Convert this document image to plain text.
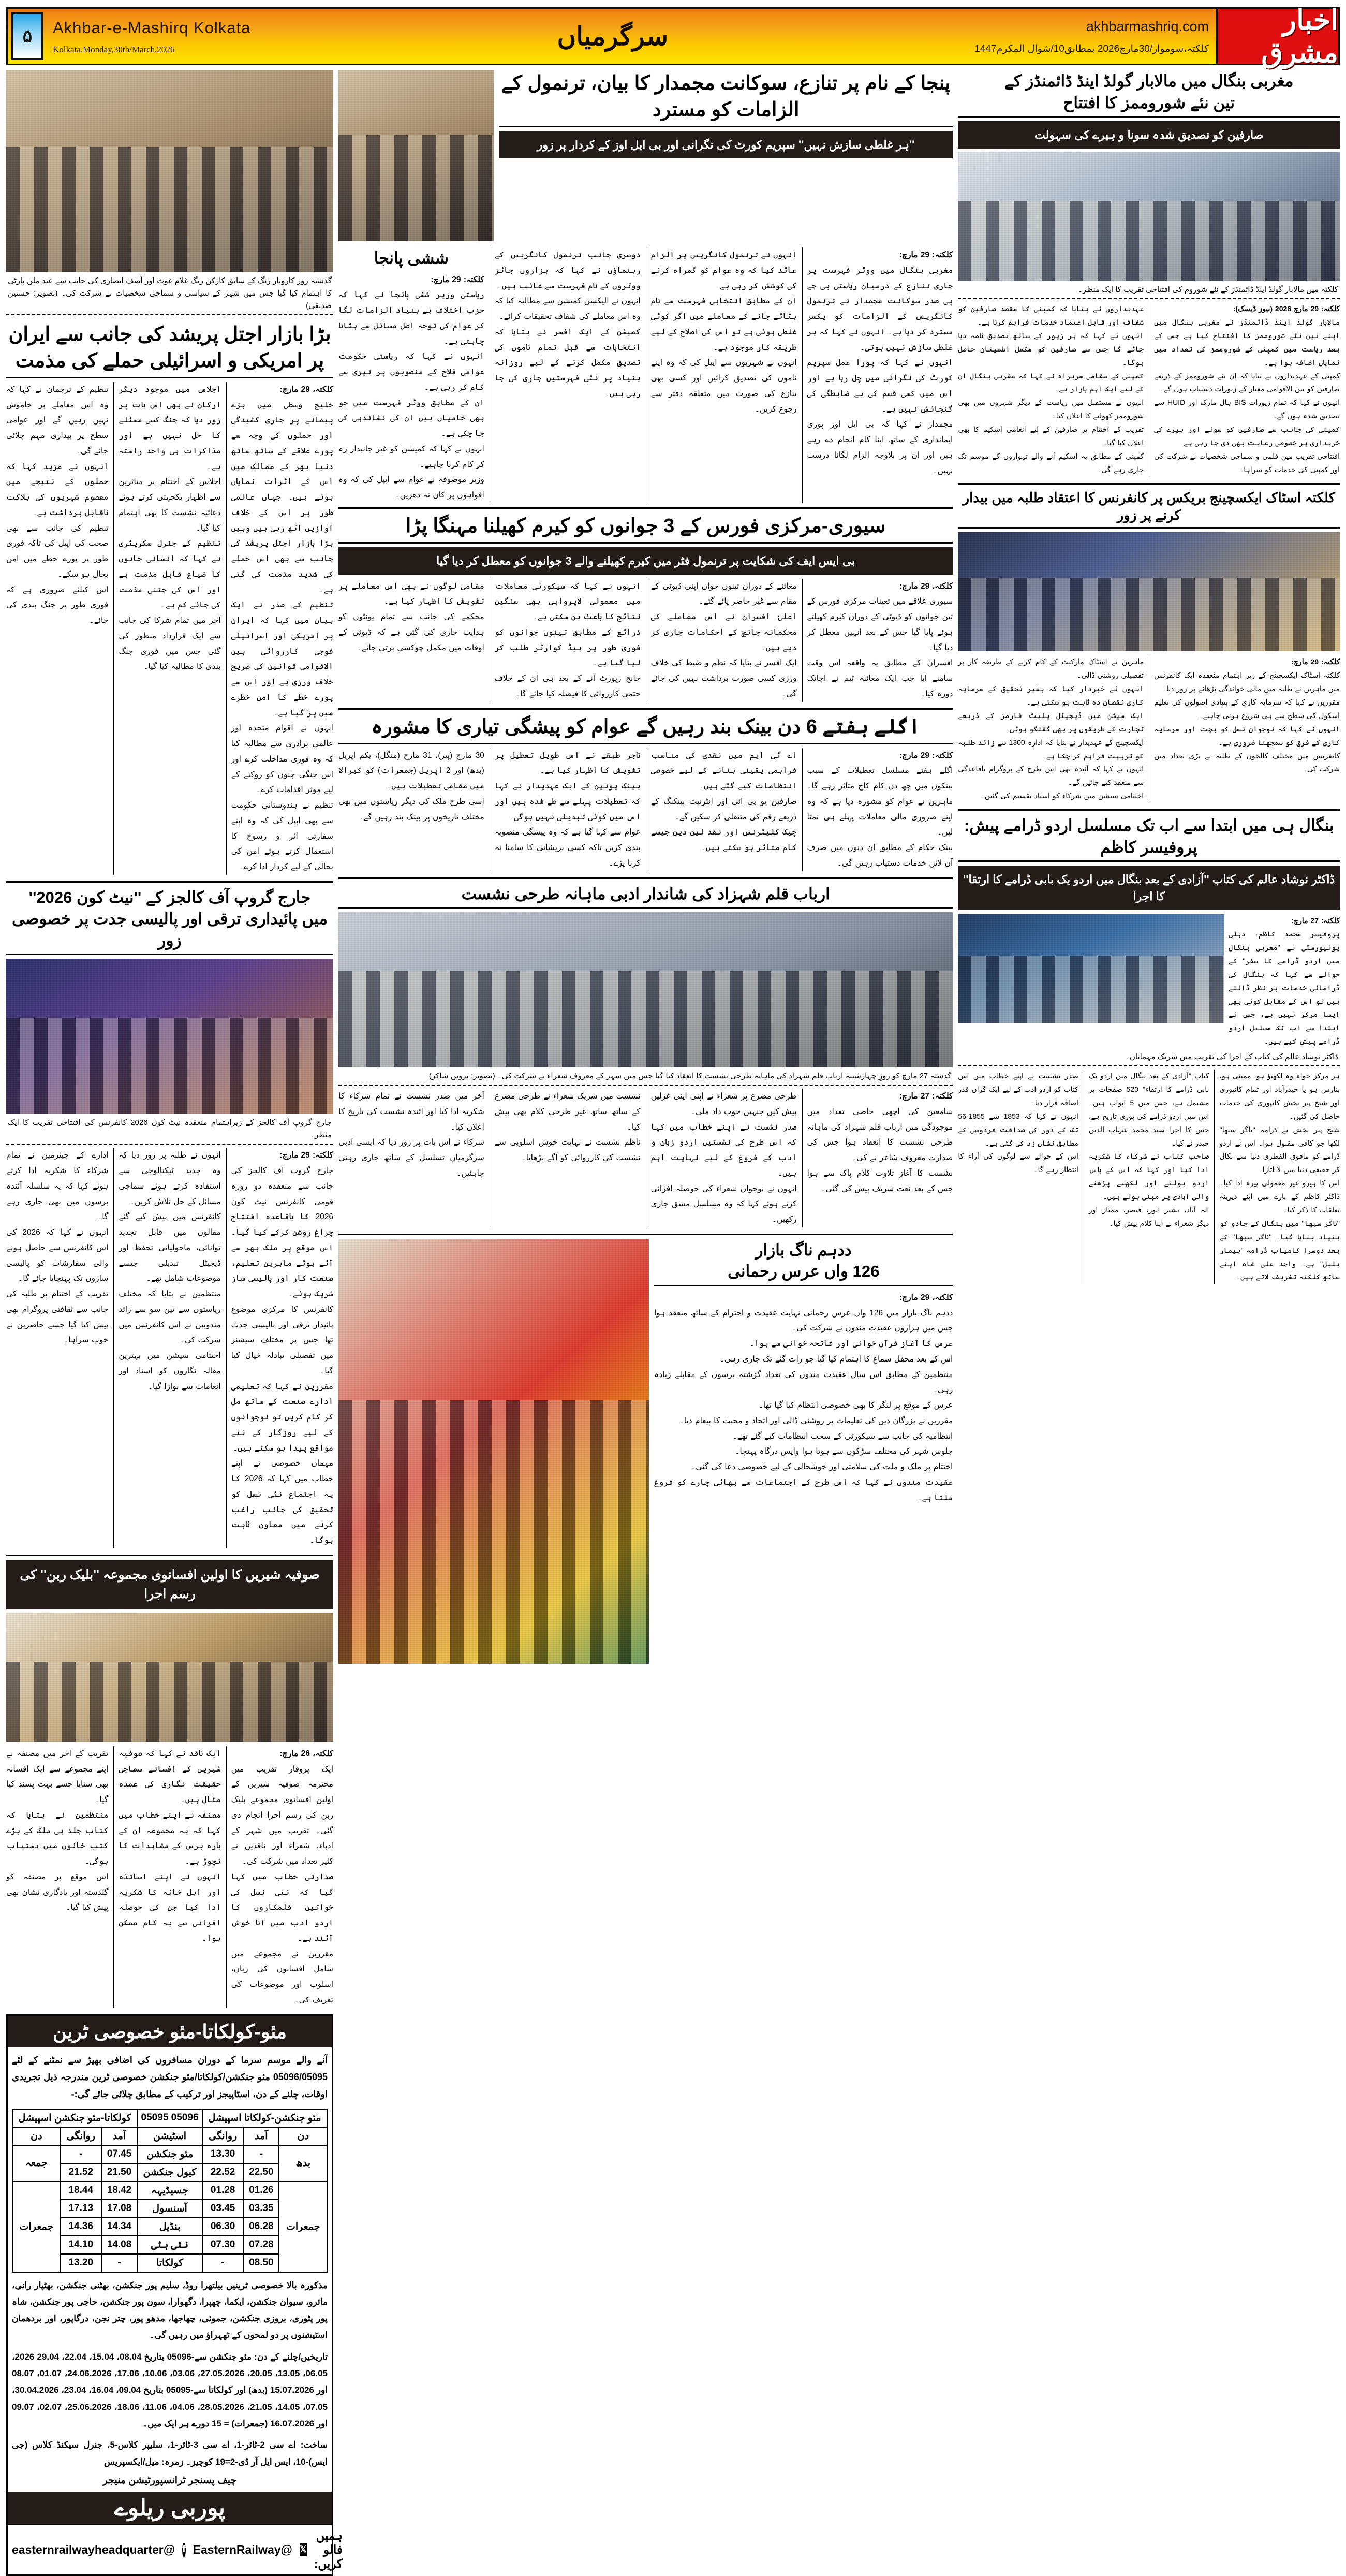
۵	Akhbar-e-Mashirq Kolkata
Kolkata.Monday,30th/March,2026	سرگرمیاں	akhbarmashriq.com
کلکتہ،سوموار/30مارچ2026 بمطابق10/شوال المکرم1447
اخبار مشرق
گذشتہ روز کاروبار رنگ کے سابق کارکن رنگ غلام غوث اور آصف انصاری کی جانب سے عید ملن پارٹی کا اہتمام کیا گیا جس میں شہر کے سیاسی و سماجی شخصیات نے شرکت کی۔ (تصویر: حسنین صدیقی)
بڑا بازار اجتل پریشد کی جانب سے ایران پر امریکی و اسرائیلی حملے کی مذمت

کلکتہ، 29 مارچ:

خلیج وسطی میں بڑے پیمانے پر جاری کشیدگی اور حملوں کی وجہ سے پورے علاقے کے ساتھ ساتھ دنیا بھر کے ممالک میں اس کے اثرات نمایاں ہوئے ہیں۔ جہاں عالمی طور پر اس کے خلاف آوازیں اٹھ رہی ہیں وہیں بڑا بازار اجتل پریشد کی جانب سے بھی اس حملے کی شدید مذمت کی گئی ہے۔

تنظیم کے صدر نے ایک بیان میں کہا کہ ایران پر امریکی اور اسرائیلی فوجی کارروائی بین الاقوامی قوانین کی صریح خلاف ورزی ہے اور اس سے پورے خطے کا امن خطرے میں پڑ گیا ہے۔

انہوں نے اقوام متحدہ اور عالمی برادری سے مطالبہ کیا کہ وہ فوری مداخلت کرے اور اس جنگی جنون کو روکنے کے لیے موثر اقدامات کرے۔

تنظیم نے ہندوستانی حکومت سے بھی اپیل کی کہ وہ اپنے سفارتی اثر و رسوخ کا استعمال کرتے ہوئے امن کی بحالی کے لیے کردار ادا کرے۔

اجلاس میں موجود دیگر ارکان نے بھی اس بات پر زور دیا کہ جنگ کسی مسئلے کا حل نہیں ہے اور مذاکرات ہی واحد راستہ ہے۔

اجلاس کے اختتام پر متاثرین سے اظہار یکجہتی کرتے ہوئے دعائیہ نشست کا بھی اہتمام کیا گیا۔

تنظیم کے جنرل سکریٹری نے کہا کہ انسانی جانوں کا ضیاع قابل مذمت ہے اور اس کی جتنی مذمت کی جائے کم ہے۔

آخر میں تمام شرکا کی جانب سے ایک قرارداد منظور کی گئی جس میں فوری جنگ بندی کا مطالبہ کیا گیا۔

تنظیم کے ترجمان نے کہا کہ وہ اس معاملے پر خاموش نہیں رہیں گے اور عوامی سطح پر بیداری مہم چلائی جائے گی۔

انہوں نے مزید کہا کہ حملوں کے نتیجے میں معصوم شہریوں کی ہلاکت ناقابل برداشت ہے۔

تنظیم کی جانب سے بھی صحت کی اپیل کی تاکہ فوری طور پر پورے خطے میں امن بحال ہو سکے۔

اس کیلئے ضروری ہے کہ فوری طور پر جنگ بندی کی جائے۔

جارج گروپ آف کالجز کے ''نیٹ کون 2026''
میں پائیداری ترقی اور پالیسی جدت پر خصوصی زور
جارج گروپ آف کالجز کے زیراہتمام منعقدہ نیٹ کون 2026 کانفرنس کی افتتاحی تقریب کا ایک منظر۔

کلکتہ: 29 مارچ:

جارج گروپ آف کالجز کی جانب سے منعقدہ دو روزہ قومی کانفرنس نیٹ کون 2026 کا باقاعدہ افتتاح چراغ روشن کرکے کیا گیا۔ اس موقع پر ملک بھر سے آئے ہوئے ماہرین تعلیم، صنعت کار اور پالیسی ساز شریک ہوئے۔

کانفرنس کا مرکزی موضوع پائیدار ترقی اور پالیسی جدت تھا جس پر مختلف سیشنز میں تفصیلی تبادلہ خیال کیا گیا۔

مقررین نے کہا کہ تعلیمی ادارے صنعت کے ساتھ مل کر کام کریں تو نوجوانوں کے لیے روزگار کے نئے مواقع پیدا ہو سکتے ہیں۔

مہمان خصوصی نے اپنے خطاب میں کہا کہ 2026 کا یہ اجتماع نئی نسل کو تحقیق کی جانب راغب کرنے میں معاون ثابت ہوگا۔

انہوں نے طلبہ پر زور دیا کہ وہ جدید ٹیکنالوجی سے استفادہ کرتے ہوئے سماجی مسائل کے حل تلاش کریں۔

کانفرنس میں پیش کیے گئے مقالوں میں قابل تجدید توانائی، ماحولیاتی تحفظ اور ڈیجیٹل تبدیلی جیسے موضوعات شامل تھے۔

منتظمین نے بتایا کہ مختلف ریاستوں سے تین سو سے زائد مندوبین نے اس کانفرنس میں شرکت کی۔

اختتامی سیشن میں بہترین مقالہ نگاروں کو اسناد اور انعامات سے نوازا گیا۔

ادارے کے چیئرمین نے تمام شرکاء کا شکریہ ادا کرتے ہوئے کہا کہ یہ سلسلہ آئندہ برسوں میں بھی جاری رہے گا۔

انہوں نے کہا کہ 2026 کی اس کانفرنس سے حاصل ہونے والی سفارشات کو پالیسی سازوں تک پہنچایا جائے گا۔

تقریب کے اختتام پر طلبہ کی جانب سے ثقافتی پروگرام بھی پیش کیا گیا جسے حاضرین نے خوب سراہا۔

صوفیہ شیریں کا اولین افسانوی مجموعہ ''بلیک ربن'' کی رسم اجرا

کلکتہ، 26 مارچ:

ایک پروقار تقریب میں محترمہ صوفیہ شیریں کے اولین افسانوی مجموعے بلیک ربن کی رسم اجرا انجام دی گئی۔ تقریب میں شہر کے ادباء، شعراء اور ناقدین نے کثیر تعداد میں شرکت کی۔

صدارتی خطاب میں کہا گیا کہ نئی نسل کی خواتین قلمکاروں کا اردو ادب میں آنا خوش آئند ہے۔

مقررین نے مجموعے میں شامل افسانوں کی زبان، اسلوب اور موضوعات کی تعریف کی۔

ایک ناقد نے کہا کہ صوفیہ شیریں کے افسانے سماجی حقیقت نگاری کی عمدہ مثال ہیں۔

مصنفہ نے اپنے خطاب میں کہا کہ یہ مجموعہ ان کے بارہ برس کے مشاہدات کا نچوڑ ہے۔

انہوں نے اپنے اساتذہ اور اہل خانہ کا شکریہ ادا کیا جن کی حوصلہ افزائی سے یہ کام ممکن ہوا۔

تقریب کے آخر میں مصنفہ نے اپنے مجموعے سے ایک افسانہ بھی سنایا جسے بہت پسند کیا گیا۔

منتظمین نے بتایا کہ کتاب جلد ہی ملک کے بڑے کتب خانوں میں دستیاب ہوگی۔

اس موقع پر مصنفہ کو گلدستہ اور یادگاری نشان بھی پیش کیا گیا۔

مئو-کولکاتا-مئو خصوصی ٹرین
آنے والے موسم سرما کے دوران مسافروں کی اضافی بھیڑ سے نمٹنے کے لئے 05096/05095 مئو جنکشن/کولکاتا/مئو جنکشن خصوصی ٹرین مندرجہ ذیل تجریدی اوقات، چلنے کے دن، اسٹاپیجز اور ترکیب کے مطابق چلائی جائے گی:-
مئو جنکشن-کولکاتا اسپیشل			05096 05095	کولکاتا-مئو جنکشن اسپیشل		
دن	آمد	روانگی	اسٹیشن	آمد	روانگی	دن
بدھ	-	13.30	مئو جنکشن	07.45	-	جمعہ
	22.50	22.52	کیول جنکشن	21.50	21.52	
جمعرات	01.26	01.28	جسیڈیہہ	18.42	18.44	جمعرات
	03.35	03.45	آسنسول	17.08	17.13	
	06.28	06.30	بنڈیل	14.34	14.36	
	07.28	07.30	نئی ہٹی	14.08	14.10	
	08.50	-	کولکاتا	-	13.20	
مذکورہ بالا خصوصی ٹرینیں بیلتھرا روڈ، سلیم پور جنکشن، بھٹنی جنکشن، بھٹپار رانی، مائرو، سیوان جنکشن، ایکما، چھپرا، دگھوارا، سون پور جنکشن، حاجی پور جنکشن، شاہ پور پٹوری، بروزی جنکشن، جموئی، چھاجھا، مدھو پور، چتر نجن، درگاپور، اور بردھمان اسٹیشنوں پر دو لمحوں کے ٹھہراؤ میں رہیں گی۔
تاریخیں/چلنے کے دن: مئو جنکشن سے-05096 بتاریخ 08.04، 15.04، 22.04، 29.04 2026، 06.05، 13.05، 20.05، 27.05.2026، 03.06، 10.06، 17.06، 24.06.2026، 01.07، 08.07 اور 15.07.2026 (بدھ) اور کولکاتا سے-05095 بتاریخ 09.04، 16.04، 23.04، 30.04.2026، 07.05، 14.05، 21.05، 28.05.2026، 04.06، 11.06، 18.06، 25.06.2026، 02.07، 09.07 اور 16.07.2026 (جمعرات) = 15 دورے ہر ایک میں۔
ساخت: اے سی 2-ٹائر-1، اے سی 3-ٹائر-1، سلیپر کلاس-5، جنرل سیکنڈ کلاس (جی ایس)-10، ایس ایل آر ڈی-2=19 کوچیز۔ زمرہ: میل/ایکسپریس
چیف پسنجر ٹرانسپورٹیشن منیجر
پوربی ریلوے
ہمیں فالو کریں:
𝕏
@EasternRailway
f
@easternrailwayheadquarter
پنجا کے نام پر تنازع، سوکانت مجمدار کا بیان، ترنمول کے الزامات کو مسترد
''ہر غلطی سازش نہیں'' سپریم کورٹ کی نگرانی اور بی ایل اوز کے کردار پر زور

کلکتہ: 29 مارچ:

مغربی بنگال میں ووٹر فہرست پر جاری تنازع کے درمیان ریاستی بی جے پی صدر سوکانت مجمدار نے ترنمول کانگریس کے الزامات کو یکسر مسترد کر دیا ہے۔ انہوں نے کہا کہ ہر غلطی سازش نہیں ہوتی۔

انہوں نے کہا کہ پورا عمل سپریم کورٹ کی نگرانی میں چل رہا ہے اور اس میں کسی قسم کی بے ضابطگی کی گنجائش نہیں ہے۔

مجمدار نے کہا کہ بی ایل اوز پوری ایمانداری کے ساتھ اپنا کام انجام دے رہے ہیں اور ان پر بلاوجہ الزام لگانا درست نہیں۔

انہوں نے ترنمول کانگریس پر الزام عائد کیا کہ وہ عوام کو گمراہ کرنے کی کوشش کر رہی ہے۔

ان کے مطابق انتخابی فہرست سے نام ہٹائے جانے کے معاملے میں اگر کوئی غلطی ہوئی ہے تو اس کی اصلاح کے لیے طریقہ کار موجود ہے۔

انہوں نے شہریوں سے اپیل کی کہ وہ اپنے ناموں کی تصدیق کرائیں اور کسی بھی تنازع کی صورت میں متعلقہ دفتر سے رجوع کریں۔

دوسری جانب ترنمول کانگریس کے رہنماؤں نے کہا کہ ہزاروں جائز ووٹروں کے نام فہرست سے غائب ہیں۔

انہوں نے الیکشن کمیشن سے مطالبہ کیا کہ وہ اس معاملے کی شفاف تحقیقات کرائے۔

کمیشن کے ایک افسر نے بتایا کہ انتخابات سے قبل تمام ناموں کی تصدیق مکمل کرنے کے لیے روزانہ بنیاد پر نئی فہرستیں جاری کی جا رہی ہیں۔

ششی پانجا

کلکتہ: 29 مارچ:

ریاستی وزیر ششی پانجا نے کہا کہ حزب اختلاف بے بنیاد الزامات لگا کر عوام کی توجہ اصل مسائل سے ہٹانا چاہتی ہے۔

انہوں نے کہا کہ ریاستی حکومت عوامی فلاح کے منصوبوں پر تیزی سے کام کر رہی ہے۔

ان کے مطابق ووٹر فہرست میں جو بھی خامیاں ہیں ان کی نشاندہی کی جا چکی ہے۔

انہوں نے کہا کہ کمیشن کو غیر جانبدار رہ کر کام کرنا چاہیے۔

وزیر موصوفہ نے عوام سے اپیل کی کہ وہ افواہوں پر کان نہ دھریں۔

سیوری-مرکزی فورس کے 3 جوانوں کو کیرم کھیلنا مہنگا پڑا
بی ایس ایف کی شکایت پر ترنمول فٹر میں کیرم کھیلنے والے 3 جوانوں کو معطل کر دیا گیا

کلکتہ، 29 مارچ:

سیوری علاقے میں تعینات مرکزی فورس کے تین جوانوں کو ڈیوٹی کے دوران کیرم کھیلتے ہوئے پایا گیا جس کے بعد انہیں معطل کر دیا گیا۔

افسران کے مطابق یہ واقعہ اس وقت سامنے آیا جب ایک معائنہ ٹیم نے اچانک دورہ کیا۔

معائنے کے دوران تینوں جوان اپنی ڈیوٹی کے مقام سے غیر حاضر پائے گئے۔

اعلیٰ افسران نے اس معاملے کی محکمانہ جانچ کے احکامات جاری کر دیے ہیں۔

ایک افسر نے بتایا کہ نظم و ضبط کی خلاف ورزی کسی صورت برداشت نہیں کی جائے گی۔

انہوں نے کہا کہ سیکورٹی معاملات میں معمولی لاپرواہی بھی سنگین نتائج کا باعث بن سکتی ہے۔

ذرائع کے مطابق تینوں جوانوں کو فوری طور پر ہیڈ کوارٹر طلب کر لیا گیا ہے۔

جانچ رپورٹ آنے کے بعد ہی ان کے خلاف حتمی کارروائی کا فیصلہ کیا جائے گا۔

مقامی لوگوں نے بھی اس معاملے پر تشویش کا اظہار کیا ہے۔

محکمے کی جانب سے تمام یونٹوں کو ہدایت جاری کی گئی ہے کہ ڈیوٹی کے اوقات میں مکمل چوکسی برتی جائے۔

اگلے ہفتے 6 دن بینک بند رہیں گے عوام کو پیشگی تیاری کا مشورہ

کلکتہ: 29 مارچ:

اگلے ہفتے مسلسل تعطیلات کے سبب بینکوں میں چھ دن کام کاج متاثر رہے گا۔ ماہرین نے عوام کو مشورہ دیا ہے کہ وہ اپنے ضروری مالی معاملات پہلے ہی نمٹا لیں۔

بینک حکام کے مطابق ان دنوں میں صرف آن لائن خدمات دستیاب رہیں گی۔

اے ٹی ایم میں نقدی کی مناسب فراہمی یقینی بنانے کے لیے خصوصی انتظامات کیے گئے ہیں۔

صارفین یو پی آئی اور انٹرنیٹ بینکنگ کے ذریعے رقم کی منتقلی کر سکیں گے۔

چیک کلیئرنس اور نقد لین دین جیسے کام متاثر ہو سکتے ہیں۔

تاجر طبقے نے اس طویل تعطیل پر تشویش کا اظہار کیا ہے۔

بینک یونین کے ایک عہدیدار نے کہا کہ تعطیلات پہلے سے طے شدہ ہیں اور اس میں کوئی تبدیلی نہیں ہوگی۔

عوام سے کہا گیا ہے کہ وہ پیشگی منصوبہ بندی کریں تاکہ کسی پریشانی کا سامنا نہ کرنا پڑے۔

30 مارچ (پیر)، 31 مارچ (منگل)، یکم اپریل (بدھ) اور 2 اپریل (جمعرات) کو کیرالا میں مقامی تعطیلات ہیں۔

اسی طرح ملک کی دیگر ریاستوں میں بھی مختلف تاریخوں پر بینک بند رہیں گے۔

ارباب قلم شہزاد کی شاندار ادبی ماہانہ طرحی نشست
گذشتہ 27 مارچ کو روزِ چہارشنبہ ارباب قلم شہزاد کی ماہانہ طرحی نشست کا انعقاد کیا گیا جس میں شہر کے معروف شعراء نے شرکت کی۔ (تصویر: پرویں شاکر)

کلکتہ: 27 مارچ:

سامعین کی اچھی خاصی تعداد میں موجودگی میں ارباب قلم شہزاد کی ماہانہ طرحی نشست کا انعقاد ہوا جس کی صدارت معروف شاعر نے کی۔

نشست کا آغاز تلاوت کلام پاک سے ہوا جس کے بعد نعت شریف پیش کی گئی۔

طرحی مصرع پر شعراء نے اپنی اپنی غزلیں پیش کیں جنہیں خوب داد ملی۔

صدر نشست نے اپنے خطاب میں کہا کہ اس طرح کی نشستیں اردو زبان و ادب کے فروغ کے لیے نہایت اہم ہیں۔

انہوں نے نوجوان شعراء کی حوصلہ افزائی کرتے ہوئے کہا کہ وہ مسلسل مشق جاری رکھیں۔

نشست میں شریک شعراء نے طرحی مصرع کے ساتھ ساتھ غیر طرحی کلام بھی پیش کیا۔

ناظم نشست نے نہایت خوش اسلوبی سے نشست کی کارروائی کو آگے بڑھایا۔

آخر میں صدر نشست نے تمام شرکاء کا شکریہ ادا کیا اور آئندہ نشست کی تاریخ کا اعلان کیا۔

شرکاء نے اس بات پر زور دیا کہ ایسی ادبی سرگرمیاں تسلسل کے ساتھ جاری رہنی چاہئیں۔

ددہم ناگ بازار
126 واں عرس رحمانی

کلکتہ، 29 مارچ:

ددہم ناگ بازار میں 126 واں عرس رحمانی نہایت عقیدت و احترام کے ساتھ منعقد ہوا جس میں ہزاروں عقیدت مندوں نے شرکت کی۔

عرس کا آغاز قرآن خوانی اور فاتحہ خوانی سے ہوا۔

اس کے بعد محفل سماع کا اہتمام کیا گیا جو رات گئے تک جاری رہی۔

منتظمین کے مطابق اس سال عقیدت مندوں کی تعداد گزشتہ برسوں کے مقابلے زیادہ رہی۔

عرس کے موقع پر لنگر کا بھی خصوصی انتظام کیا گیا تھا۔

مقررین نے بزرگان دین کی تعلیمات پر روشنی ڈالی اور اتحاد و محبت کا پیغام دیا۔

انتظامیہ کی جانب سے سیکورٹی کے سخت انتظامات کیے گئے تھے۔

جلوس شہر کی مختلف سڑکوں سے ہوتا ہوا واپس درگاہ پہنچا۔

اختتام پر ملک و ملت کی سلامتی اور خوشحالی کے لیے خصوصی دعا کی گئی۔

عقیدت مندوں نے کہا کہ اس طرح کے اجتماعات سے بھائی چارے کو فروغ ملتا ہے۔

مغربی بنگال میں مالابار گولڈ اینڈ ڈائمنڈز کے
تین نئے شوروممز کا افتتاح
صارفین کو تصدیق شدہ سونا و ہیرے کی سہولت
کلکتہ میں مالابار گولڈ اینڈ ڈائمنڈز کے نئے شوروم کی افتتاحی تقریب کا ایک منظر۔

کلکتہ: 29 مارچ 2026 (نیوز ڈیسک):

مالابار گولڈ اینڈ ڈائمنڈز نے مغربی بنگال میں اپنے تین نئے شوروممز کا افتتاح کیا ہے جس کے بعد ریاست میں کمپنی کے شوروممز کی تعداد میں نمایاں اضافہ ہوا ہے۔

کمپنی کے عہدیداروں نے بتایا کہ ان نئے شوروممز کے ذریعے صارفین کو بین الاقوامی معیار کے زیورات دستیاب ہوں گے۔

انہوں نے کہا کہ تمام زیورات BIS ہال مارک اور HUID سے تصدیق شدہ ہوں گے۔

کمپنی کی جانب سے صارفین کو سونے اور ہیرے کی خریداری پر خصوصی رعایت بھی دی جا رہی ہے۔

افتتاحی تقریب میں فلمی و سماجی شخصیات نے شرکت کی اور کمپنی کی خدمات کو سراہا۔

عہدیداروں نے بتایا کہ کمپنی کا مقصد صارفین کو شفاف اور قابل اعتماد خدمات فراہم کرنا ہے۔

انہوں نے کہا کہ ہر زیور کے ساتھ تصدیق نامہ دیا جائے گا جس سے صارفین کو مکمل اطمینان حاصل ہوگا۔

کمپنی کے مقامی سربراہ نے کہا کہ مغربی بنگال ان کے لیے ایک اہم بازار ہے۔

انہوں نے مستقبل میں ریاست کے دیگر شہروں میں بھی شوروممز کھولنے کا اعلان کیا۔

تقریب کے اختتام پر صارفین کے لیے انعامی اسکیم کا بھی اعلان کیا گیا۔

کمپنی کے مطابق یہ اسکیم آنے والے تہواروں کے موسم تک جاری رہے گی۔

کلکتہ اسٹاک ایکسچینج بریکس پر کانفرنس کا اعتقاد طلبہ میں بیدار کرنے پر زور

کلکتہ: 29 مارچ:

کلکتہ اسٹاک ایکسچینج کے زیر اہتمام منعقدہ ایک کانفرنس میں ماہرین نے طلبہ میں مالی خواندگی بڑھانے پر زور دیا۔

مقررین نے کہا کہ سرمایہ کاری کے بنیادی اصولوں کی تعلیم اسکول کی سطح سے ہی شروع ہونی چاہیے۔

انہوں نے کہا کہ نوجوان نسل کو بچت اور سرمایہ کاری کے فرق کو سمجھنا ضروری ہے۔

کانفرنس میں مختلف کالجوں کے طلبہ نے بڑی تعداد میں شرکت کی۔

ماہرین نے اسٹاک مارکیٹ کے کام کرنے کے طریقہ کار پر تفصیلی روشنی ڈالی۔

انہوں نے خبردار کیا کہ بغیر تحقیق کے سرمایہ کاری نقصان دہ ثابت ہو سکتی ہے۔

ایک سیشن میں ڈیجیٹل پلیٹ فارمز کے ذریعے تجارت کے طریقوں پر بھی گفتگو ہوئی۔

ایکسچینج کے عہدیدار نے بتایا کہ ادارہ 1300 سے زائد طلبہ کو تربیت فراہم کر چکا ہے۔

انہوں نے کہا کہ آئندہ بھی اس طرح کے پروگرام باقاعدگی سے منعقد کیے جائیں گے۔

اختتامی سیشن میں شرکاء کو اسناد تقسیم کی گئیں۔

بنگال ہی میں ابتدا سے اب تک مسلسل اردو ڈرامے پیش: پروفیسر کاظم
ڈاکٹر نوشاد عالم کی کتاب ''آزادی کے بعد بنگال میں اردو یک بابی ڈرامے کا ارتقا'' کا اجرا

کلکتہ: 27 مارچ:

پروفیسر محمد کاظم، دہلی یونیورسٹی نے ''مغربی بنگال میں اردو ڈرامے کا سفر'' کے حوالے سے کہا کہ بنگال کی ڈرامائی خدمات پر نظر ڈالتے ہیں تو اس کے مقابل کوئی بھی ایسا مرکز نہیں ہے، جس نے ابتدا سے اب تک مسلسل اردو ڈرامے پیش کیے ہیں۔

ڈاکٹر نوشاد عالم کی کتاب کے اجرا کی تقریب میں شریک مہمانان۔

ہر مرکز خواہ وہ لکھنؤ ہو، ممبئی ہو، بنارس ہو یا حیدرآباد اور تمام کانپوری اور شیخ پیر بخش کانپوری کی خدمات حاصل کی گئیں۔

شیخ پیر بخش نے ڈرامہ ''ناگر سبھا'' لکھا جو کافی مقبول ہوا۔ اس نے اردو ڈرامے کو مافوق الفطری دنیا سے نکال کر حقیقی دنیا میں لا اتارا۔

اس کا ہیرو غیر معمولی پیرہ ادا کیا۔ ڈاکٹر کاظم کے بارے میں اپنے دیرینہ تعلقات کا ذکر کیا۔

''ناگر سبھا'' میں بنگال کے جادو کو بنیاد بنایا گیا۔ ''ناگر سبھا'' کے بعد دوسرا کامیاب ڈرامہ ''بیمار بلبل'' ہے۔ واجد علی شاہ اپنے ساتھ کلکتہ تشریف لاتے ہیں۔

کتاب ''آزادی کے بعد بنگال میں اردو یک بابی ڈرامے کا ارتقاء'' 520 صفحات پر مشتمل ہے، جس میں 5 ابواب ہیں۔ اس میں اردو ڈرامے کی پوری تاریخ ہے، جس کا اجرا سید محمد شہاب الدین حیدر نے کیا۔

صاحب کتاب نے شرکاء کا شکریہ ادا کیا اور کہا کہ اس کے پاس اردو بولنے اور لکھنے پڑھنے والی آبادی پر مبنی ہوتے ہیں۔

الہ آباد، بشیر انور، قیصر، ممتاز اور دیگر شعراء نے اپنا کلام پیش کیا۔

صدر نشست نے اپنے خطاب میں اس کتاب کو اردو ادب کے لیے ایک گراں قدر اضافہ قرار دیا۔

انہوں نے کہا کہ 1853 سے 1855-56 تک کے دور کی صداقت فردوسی کے مطابق نشان زد کی گئی ہے۔

اس کے حوالے سے لوگوں کی آراء کا انتظار رہے گا۔
